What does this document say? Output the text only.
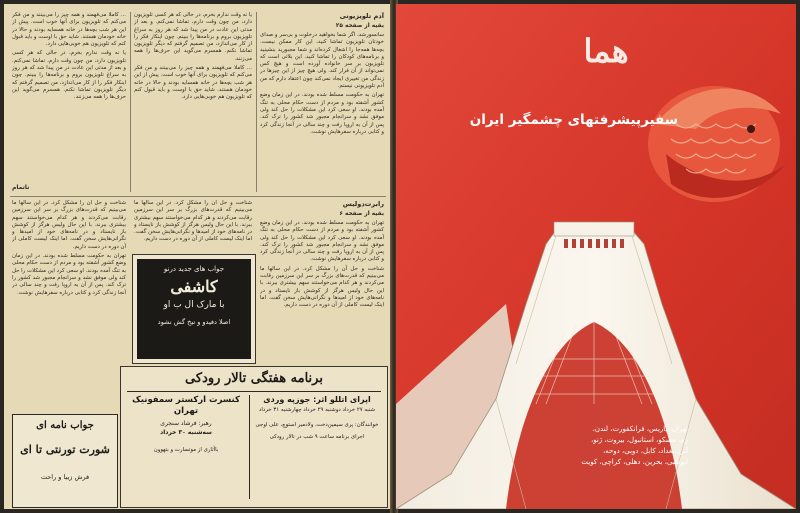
آدم تلویزیونی
بقیه از صفحه ۲۵

سانسورشد، اگر شما بخواهید درخلوت و بی‌سر و صدای خودتان تلویزیون تماشا کنید، این کار ممکن نیست. بچه‌ها همه‌جا را اشغال کرده‌اند و شما مجبورید بنشینید و برنامه‌های کودکان را تماشا کنید. این بلائی است که تلویزیون بر سر خانواده آورده است و هیچ کس نمی‌تواند از آن فرار کند. ولی هیچ چیز از این چیزها در زندگی من تغییری ایجاد نمی‌کند چون اعتقاد دارم که من آدم تلویزیونی نیستم.

تهران به حکومت مسلط شده بودند. در این زمان وضع کشور آشفته بود و مردم از دست حکام محلی به تنگ آمده بودند. او سعی کرد این مشکلات را حل کند ولی موفق نشد و سرانجام مجبور شد کشور را ترک کند. پس از آن به اروپا رفت و چند سالی در آنجا زندگی کرد و کتابی درباره سفرهایش نوشت.

یا نه وقت ندارم بخرم، در حالی که هر کسی تلویزیون دارد، من چون وقت دارم، تماشا نمی‌کنم. و بعد از مدتی این عادت در من پیدا شد که هر روز به سراغ تلویزیون بروم و برنامه‌ها را ببینم. چون اینکار فکر را از کار می‌اندازد، من تصمیم گرفتم که دیگر تلویزیون تماشا نکنم. همسرم می‌گوید این حرف‌ها را همه می‌زنند.

... کاملا می‌فهمند و همه چیز را می‌بینند و من فکر می‌کنم که تلویزیون برای آنها خوب است. پیش از این هر شب بچه‌ها در خانه همسایه بودند و حالا در خانه خودمان هستند. شاید حق با اوست و باید قبول کنم که تلویزیون هم خوبی‌هایی دارد.

... کاملا می‌فهمند و همه چیز را می‌بینند و من فکر می‌کنم که تلویزیون برای آنها خوب است. پیش از این هر شب بچه‌ها در خانه همسایه بودند و حالا در خانه خودمان هستند. شاید حق با اوست و باید قبول کنم که تلویزیون هم خوبی‌هایی دارد.

یا نه وقت ندارم بخرم، در حالی که هر کسی تلویزیون دارد، من چون وقت دارم، تماشا نمی‌کنم. و بعد از مدتی این عادت در من پیدا شد که هر روز به سراغ تلویزیون بروم و برنامه‌ها را ببینم. چون اینکار فکر را از کار می‌اندازد، من تصمیم گرفتم که دیگر تلویزیون تماشا نکنم. همسرم می‌گوید این حرف‌ها را همه می‌زنند.

ناتمام
رابرت‌دولیس
بقیه از صفحه ۶

تهران به حکومت مسلط شده بودند. در این زمان وضع کشور آشفته بود و مردم از دست حکام محلی به تنگ آمده بودند. او سعی کرد این مشکلات را حل کند ولی موفق نشد و سرانجام مجبور شد کشور را ترک کند. پس از آن به اروپا رفت و چند سالی در آنجا زندگی کرد و کتابی درباره سفرهایش نوشت.

شناخت و حل آن را مشکل کرد. در این سالها ما می‌بینیم که قدرت‌های بزرگ بر سر این سرزمین رقابت می‌کردند و هر کدام می‌خواستند سهم بیشتری ببرند. با این حال ولیس هرگز از کوشش باز نایستاد و در نامه‌های خود از امیدها و نگرانی‌هایش سخن گفت. اما اینک لیست کاملی از آن دوره در دست داریم.

شناخت و حل آن را مشکل کرد. در این سالها ما می‌بینیم که قدرت‌های بزرگ بر سر این سرزمین رقابت می‌کردند و هر کدام می‌خواستند سهم بیشتری ببرند. با این حال ولیس هرگز از کوشش باز نایستاد و در نامه‌های خود از امیدها و نگرانی‌هایش سخن گفت. اما اینک لیست کاملی از آن دوره در دست داریم.

شناخت و حل آن را مشکل کرد. در این سالها ما می‌بینیم که قدرت‌های بزرگ بر سر این سرزمین رقابت می‌کردند و هر کدام می‌خواستند سهم بیشتری ببرند. با این حال ولیس هرگز از کوشش باز نایستاد و در نامه‌های خود از امیدها و نگرانی‌هایش سخن گفت. اما اینک لیست کاملی از آن دوره در دست داریم.

تهران به حکومت مسلط شده بودند. در این زمان وضع کشور آشفته بود و مردم از دست حکام محلی به تنگ آمده بودند. او سعی کرد این مشکلات را حل کند ولی موفق نشد و سرانجام مجبور شد کشور را ترک کند. پس از آن به اروپا رفت و چند سالی در آنجا زندگی کرد و کتابی درباره سفرهایش نوشت.

جواب های جدید درنو
کاشفی
با مارک ال ب او
اصلا دفیدو و تیخ گش نشود
برنامه هفتگی تالار رودکی
اپرای اتللو اثر: جوزپه وردی
شنبه ۲۷ خرداد دوشنبه ۲۹ خرداد چهارشنبه ۳۱ خرداد
خوانندگان: پری سیمین‌دخت، ولادمیر استوچ، علی اوجی
اجرای برنامه ساعت ۹ شب در تالار رودکی
کنسرت ارکستر سمفونیک تهران
رهبر: فرشاد سنجری
سه‌شنبه ۳۰ خرداد
باآثاری از موتسارت و بتهوون
جواب نامه ای
شورت تورنتی تا ای
فرش زیبا و راحت
هما
سفیرپیشرفتهای چشمگیر ایران
تهران، پاریس، فرانکفورت، لندن،
رم، مسکو، استانبول، بیروت، ژنو،
آتن، بغداد، کابل، دوبی، دوحه،
ابوظبی، بحرین، دهلی، کراچی، کویت
